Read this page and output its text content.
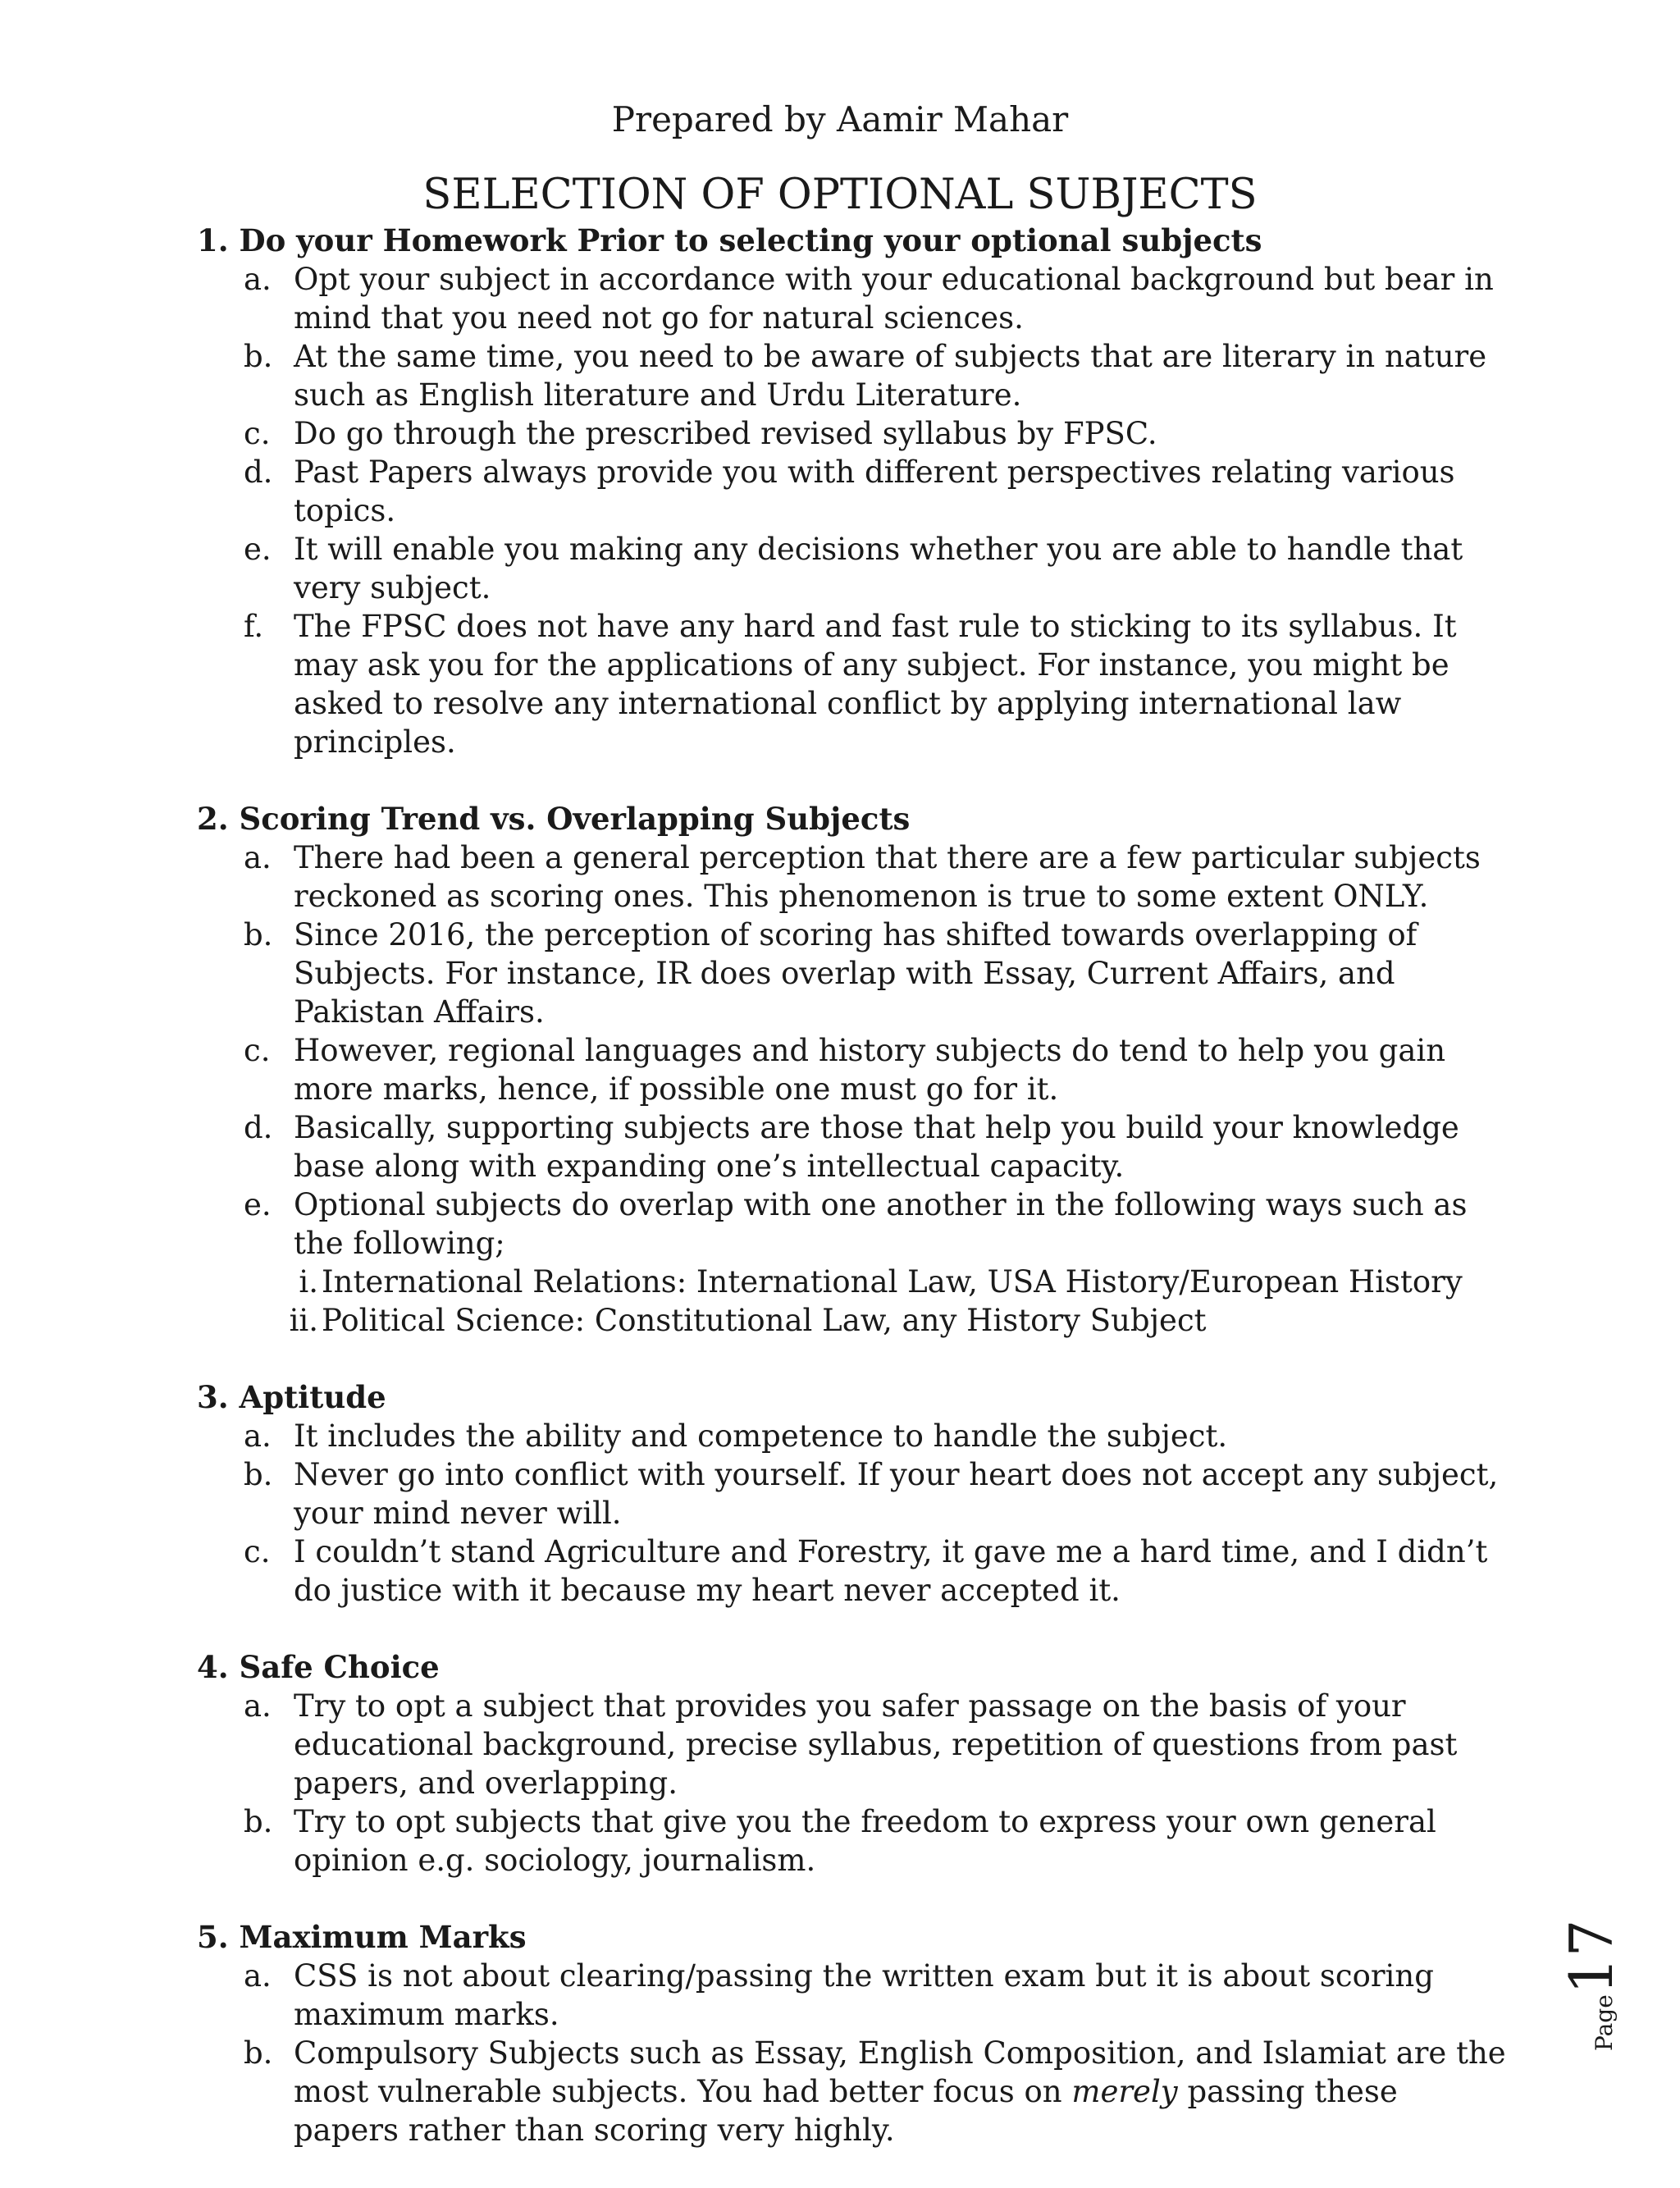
Prepared by Aamir Mahar
SELECTION OF OPTIONAL SUBJECTS
1. Do your Homework Prior to selecting your optional subjects
a. Opt your subject in accordance with your educational background but bear in mind that you need not go for natural sciences.
b. At the same time, you need to be aware of subjects that are literary in nature such as English literature and Urdu Literature.
c. Do go through the prescribed revised syllabus by FPSC.
d. Past Papers always provide you with different perspectives relating various topics.
e. It will enable you making any decisions whether you are able to handle that very subject.
f. The FPSC does not have any hard and fast rule to sticking to its syllabus. It may ask you for the applications of any subject. For instance, you might be asked to resolve any international conflict by applying international law principles.
2. Scoring Trend vs. Overlapping Subjects
a. There had been a general perception that there are a few particular subjects reckoned as scoring ones. This phenomenon is true to some extent ONLY.
b. Since 2016, the perception of scoring has shifted towards overlapping of Subjects. For instance, IR does overlap with Essay, Current Affairs, and Pakistan Affairs.
c. However, regional languages and history subjects do tend to help you gain more marks, hence, if possible one must go for it.
d. Basically, supporting subjects are those that help you build your knowledge base along with expanding one’s intellectual capacity.
e. Optional subjects do overlap with one another in the following ways such as the following;
i. International Relations: International Law, USA History/European History
ii. Political Science: Constitutional Law, any History Subject
3. Aptitude
a. It includes the ability and competence to handle the subject.
b. Never go into conflict with yourself. If your heart does not accept any subject, your mind never will.
c. I couldn’t stand Agriculture and Forestry, it gave me a hard time, and I didn’t do justice with it because my heart never accepted it.
4. Safe Choice
a. Try to opt a subject that provides you safer passage on the basis of your educational background, precise syllabus, repetition of questions from past papers, and overlapping.
b. Try to opt subjects that give you the freedom to express your own general opinion e.g. sociology, journalism.
5. Maximum Marks
a. CSS is not about clearing/passing the written exam but it is about scoring maximum marks.
b. Compulsory Subjects such as Essay, English Composition, and Islamiat are the most vulnerable subjects. You had better focus on merely passing these papers rather than scoring very highly.
Page17
